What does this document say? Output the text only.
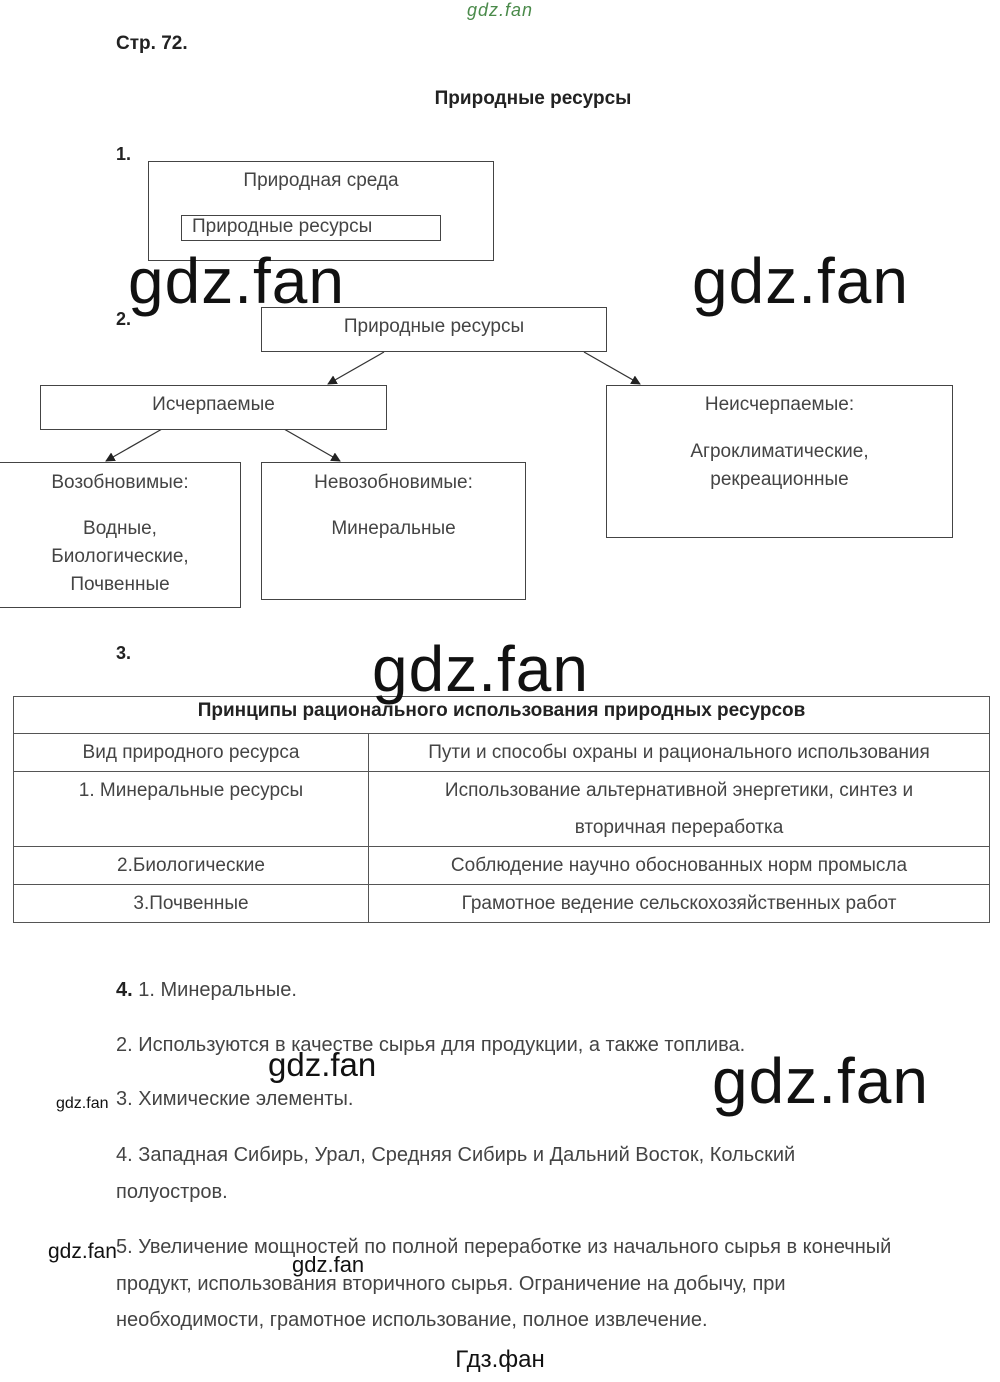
gdz.fan
Стр. 72.
Природные ресурсы
1.
Природная среда
Природные ресурсы
2.	Природные ресурсы
Исчерпаемые	Неисчерпаемые:
Агроклиматические,
рекреационные
Возобновимые:
Водные,
Биологические,
Почвенные
Невозобновимые:
Минеральные
3.
Принципы рационального использования природных ресурсов	
Вид природного ресурса	Пути и способы охраны и рационального использования
1. Минеральные ресурсы	Использование альтернативной энергетики, синтез и
вторичная переработка

2.Биологические	Соблюдение научно обоснованных норм промысла
3.Почвенные	Грамотное ведение сельскохозяйственных работ
4. 1. Минеральные.
2. Используются в качестве сырья для продукции, а также топлива.
3. Химические элементы.
4. Западная Сибирь, Урал, Средняя Сибирь и Дальний Восток, Кольский
полуостров.
5. Увеличение мощностей по полной переработке из начального сырья в конечный
продукт, использования вторичного сырья. Ограничение на добычу, при
необходимости, грамотное использование, полное извлечение.
gdz.fan	gdz.fan
gdz.fan
gdz.fan
gdz.fan
gdz.fan
gdz.fan
gdz.fan
Гдз.фан
